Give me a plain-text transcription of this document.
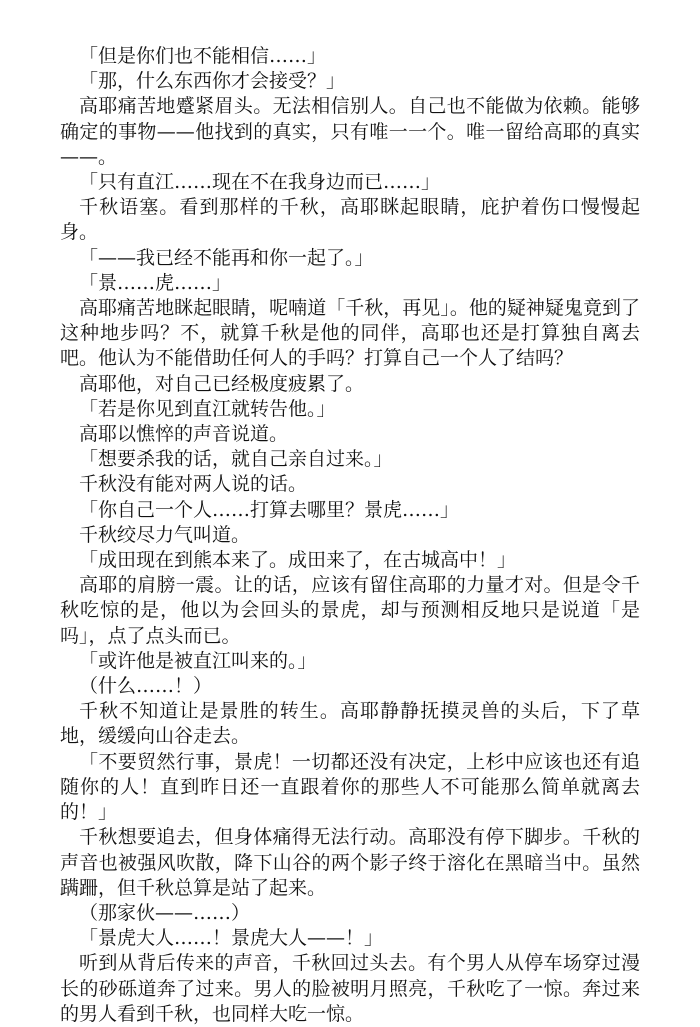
「但是你们也不能相信……」

「那，什么东西你才会接受？」

高耶痛苦地蹙紧眉头。无法相信别人。自己也不能做为依赖。能够确定的事物——他找到的真实，只有唯一一个。唯一留给高耶的真实——。

「只有直江……现在不在我身边而已……」

千秋语塞。看到那样的千秋，高耶眯起眼睛，庇护着伤口慢慢起身。

「——我已经不能再和你一起了。」

「景……虎……」

高耶痛苦地眯起眼睛，呢喃道「千秋，再见」。他的疑神疑鬼竟到了这种地步吗？不，就算千秋是他的同伴，高耶也还是打算独自离去吧。他认为不能借助任何人的手吗？打算自己一个人了结吗？

高耶他，对自己已经极度疲累了。

「若是你见到直江就转告他。」

高耶以憔悴的声音说道。

「想要杀我的话，就自己亲自过来。」

千秋没有能对两人说的话。

「你自己一个人……打算去哪里？景虎……」

千秋绞尽力气叫道。

「成田现在到熊本来了。成田来了，在古城高中！」

高耶的肩膀一震。让的话，应该有留住高耶的力量才对。但是令千秋吃惊的是，他以为会回头的景虎，却与预测相反地只是说道「是吗」，点了点头而已。

「或许他是被直江叫来的。」

（什么……！）

千秋不知道让是景胜的转生。高耶静静抚摸灵兽的头后，下了草地，缓缓向山谷走去。

「不要贸然行事，景虎！一切都还没有决定，上杉中应该也还有追随你的人！直到昨日还一直跟着你的那些人不可能那么简单就离去的！」

千秋想要追去，但身体痛得无法行动。高耶没有停下脚步。千秋的声音也被强风吹散，降下山谷的两个影子终于溶化在黑暗当中。虽然蹒跚，但千秋总算是站了起来。

（那家伙——……）

「景虎大人……！景虎大人——！」

听到从背后传来的声音，千秋回过头去。有个男人从停车场穿过漫长的砂砾道奔了过来。男人的脸被明月照亮，千秋吃了一惊。奔过来的男人看到千秋，也同样大吃一惊。
